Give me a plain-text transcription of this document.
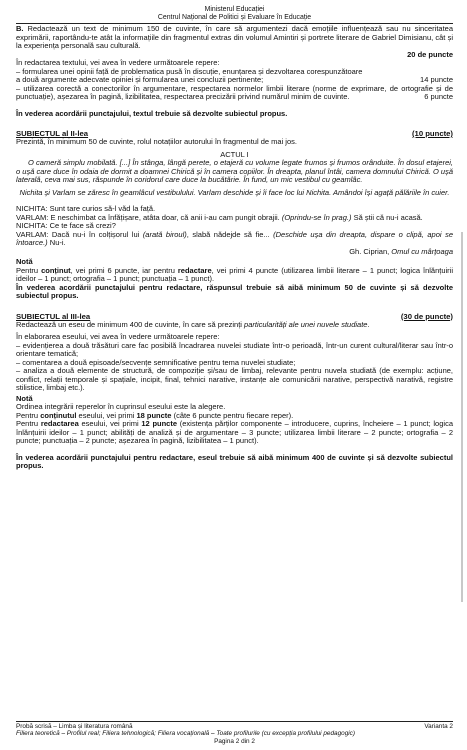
Ministerul Educației
Centrul Național de Politici și Evaluare în Educație

B. Redactează un text de minimum 150 de cuvinte, în care să argumentezi dacă emoțiile influențează sau nu sinceritatea exprimării, raportându-te atât la informațiile din fragmentul extras din volumul Amintiri și portrete literare de Gabriel Dimisianu, cât și la experiența personală sau culturală.

20 de puncte

În redactarea textului, vei avea în vedere următoarele repere:

– formularea unei opinii față de problematica pusă în discuție, enunțarea și dezvoltarea corespunzătoare

a două argumente adecvate opiniei și formularea unei concluzii pertinente;	14 puncte

– utilizarea corectă a conectorilor în argumentare, respectarea normelor limbii literare (norme de exprimare, de ortografie și de punctuație), așezarea în pagină, lizibilitatea, respectarea precizării privind numărul minim de cuvinte.	6 puncte

În vederea acordării punctajului, textul trebuie să dezvolte subiectul propus.

SUBIECTUL al II-lea	(10 puncte)

Prezintă, în minimum 50 de cuvinte, rolul notațiilor autorului în fragmentul de mai jos.

ACTUL I

O cameră simplu mobilată. [...] În stânga, lângă perete, o etajeră cu volume legate frumos și frumos orânduite. În dosul etajerei, o ușă care duce în odaia de dormit a doamnei Chirică și în camera copiilor. În dreapta, planul întâi, camera domnului Chirică. O ușă laterală, ceva mai sus, răspunde în coridorul care duce la bucătărie. În fund, un mic vestibul cu geamlâc.

Nichita și Varlam se zăresc în geamlâcul vestibulului. Varlam deschide și îi face loc lui Nichita. Amândoi își agață pălăriile în cuier.

NICHITA: Sunt tare curios să-l văd la față.

VARLAM: E neschimbat ca înfățișare, atâta doar, că anii i-au cam pungit obrajii. (Oprindu-se în prag.) Să știi că nu-i acasă.

NICHITA: Ce te face să crezi?

VARLAM: Dacă nu-i în colțișorul lui (arată biroul), slabă nădejde să fie... (Deschide ușa din dreapta, dispare o clipă, apoi se întoarce.) Nu-i.

Gh. Ciprian, Omul cu mârțoaga

Notă

Pentru conținut, vei primi 6 puncte, iar pentru redactare, vei primi 4 puncte (utilizarea limbii literare – 1 punct; logica înlănțuirii ideilor – 1 punct; ortografia – 1 punct; punctuația – 1 punct).

În vederea acordării punctajului pentru redactare, răspunsul trebuie să aibă minimum 50 de cuvinte și să dezvolte subiectul propus.

SUBIECTUL al III-lea	(30 de puncte)

Redactează un eseu de minimum 400 de cuvinte, în care să prezinți particularități ale unei nuvele studiate.

În elaborarea eseului, vei avea în vedere următoarele repere:

– evidențierea a două trăsături care fac posibilă încadrarea nuvelei studiate într-o perioadă, într-un curent cultural/literar sau într-o orientare tematică;

– comentarea a două episoade/secvențe semnificative pentru tema nuvelei studiate;

– analiza a două elemente de structură, de compoziție și/sau de limbaj, relevante pentru nuvela studiată (de exemplu: acțiune, conflict, relații temporale și spațiale, incipit, final, tehnici narative, instanțe ale comunicării narative, perspectivă narativă, registre stilistice, limbaj etc.).

Notă

Ordinea integrării reperelor în cuprinsul eseului este la alegere.

Pentru conținutul eseului, vei primi 18 puncte (câte 6 puncte pentru fiecare reper).

Pentru redactarea eseului, vei primi 12 puncte (existența părților componente – introducere, cuprins, încheiere – 1 punct; logica înlănțuirii ideilor – 1 punct; abilități de analiză și de argumentare – 3 puncte; utilizarea limbii literare – 2 puncte; ortografia – 2 puncte; punctuația – 2 puncte; așezarea în pagină, lizibilitatea – 1 punct).

În vederea acordării punctajului pentru redactare, eseul trebuie să aibă minimum 400 de cuvinte și să dezvolte subiectul propus.

Probă scrisă – Limba și literatura română	Varianta 2
Filiera teoretică – Profilul real; Filiera tehnologică; Filiera vocațională – Toate profilurile (cu excepția profilului pedagogic)
Pagina 2 din 2
